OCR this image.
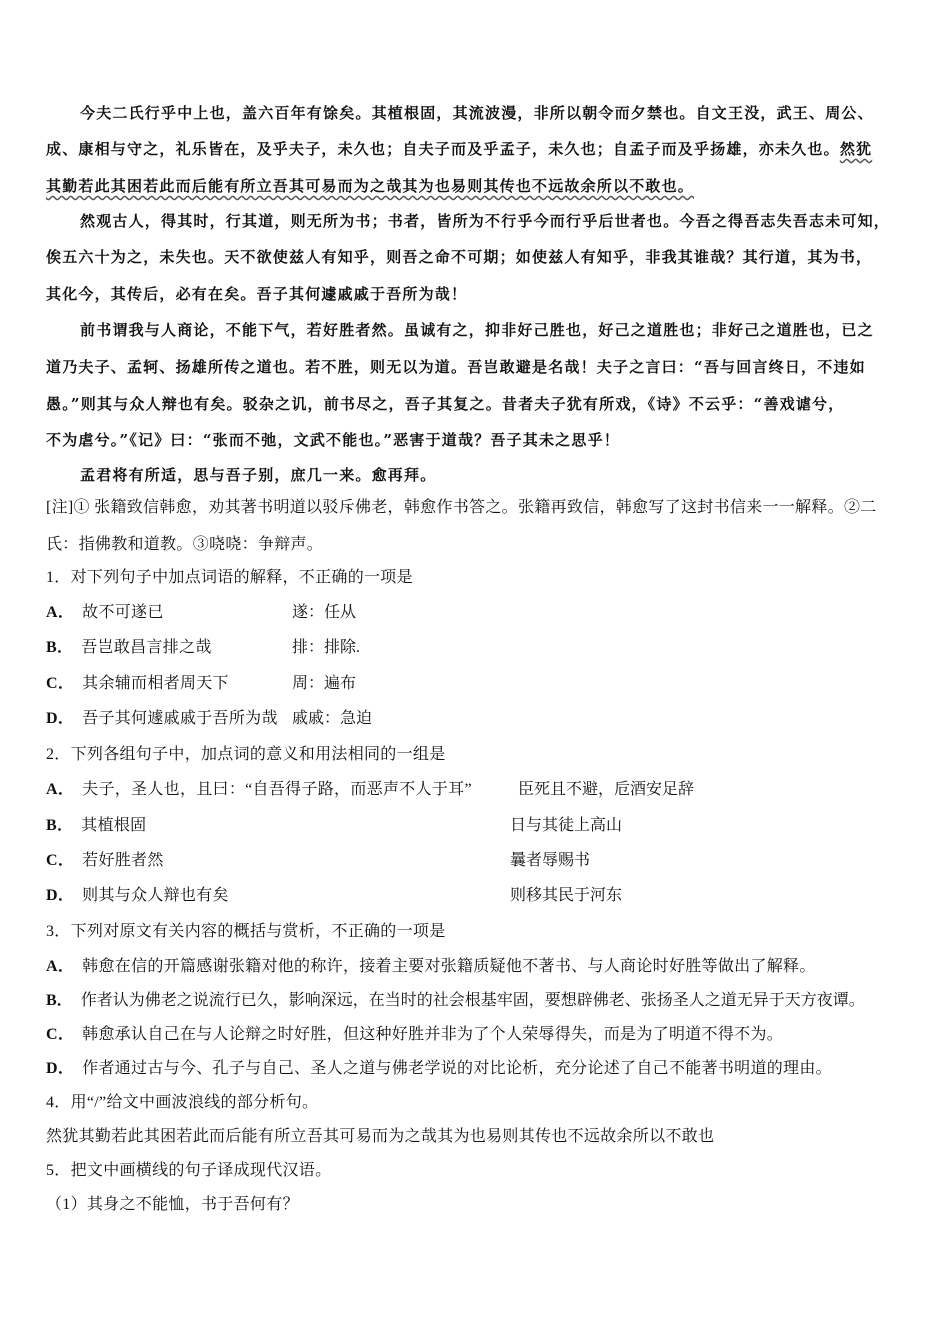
今夫二氏行乎中上也，盖六百年有馀矣。其植根固，其流波漫，非所以朝令而夕禁也。自文王没，武王、周公、
成、康相与守之，礼乐皆在，及乎夫子，未久也；自夫子而及乎孟子，未久也；自孟子而及乎扬雄，亦未久也。然犹
其勤若此其困若此而后能有所立吾其可易而为之哉其为也易则其传也不远故余所以不敢也。
然观古人，得其时，行其道，则无所为书；书者，皆所为不行乎今而行乎后世者也。今吾之得吾志失吾志未可知，
俟五六十为之，未失也。天不欲使兹人有知乎，则吾之命不可期；如使兹人有知乎，非我其谁哉？其行道，其为书，
其化今，其传后，必有在矣。吾子其何遽戚戚于吾所为哉！
前书谓我与人商论，不能下气，若好胜者然。虽诚有之，抑非好己胜也，好己之道胜也；非好己之道胜也，已之
道乃夫子、孟轲、扬雄所传之道也。若不胜，则无以为道。吾岂敢避是名哉！夫子之言曰：“吾与回言终日，不违如
愚。”则其与众人辩也有矣。驳杂之讥，前书尽之，吾子其复之。昔者夫子犹有所戏，《诗》不云乎：“善戏谑兮，
不为虐兮。”《记》曰：“张而不弛，文武不能也。”恶害于道哉？吾子其未之思乎！
孟君将有所适，思与吾子别，庶几一来。愈再拜。
[注]① 张籍致信韩愈，劝其著书明道以驳斥佛老，韩愈作书答之。张籍再致信，韩愈写了这封书信来一一解释。②二
氏：指佛教和道教。③哓哓：争辩声。
1．对下列句子中加点词语的解释，不正确的一项是
A． 故不可遂已	遂：任从
B． 吾岂敢昌言排之哉	排：排除.
C． 其余辅而相者周天下	周：遍布
D． 吾子其何遽戚戚于吾所为哉 戚戚：急迫
2．下列各组句子中，加点词的意义和用法相同的一组是
A． 夫子，圣人也，且曰：“自吾得子路，而恶声不人于耳”	臣死且不避，卮酒安足辞
B． 其植根固	日与其徒上高山
C． 若好胜者然	曩者辱赐书
D． 则其与众人辩也有矣	则移其民于河东
3．下列对原文有关内容的概括与赏析，不正确的一项是
A． 韩愈在信的开篇感谢张籍对他的称许，接着主要对张籍质疑他不著书、与人商论时好胜等做出了解释。
B． 作者认为佛老之说流行已久，影响深远，在当时的社会根基牢固，要想辟佛老、张扬圣人之道无异于天方夜谭。
C． 韩愈承认自己在与人论辩之时好胜，但这种好胜并非为了个人荣辱得失，而是为了明道不得不为。
D． 作者通过古与今、孔子与自己、圣人之道与佛老学说的对比论析，充分论述了自己不能著书明道的理由。
4．用“/”给文中画波浪线的部分析句。
然犹其勤若此其困若此而后能有所立吾其可易而为之哉其为也易则其传也不远故余所以不敢也
5．把文中画横线的句子译成现代汉语。
（1）其身之不能恤，书于吾何有？
